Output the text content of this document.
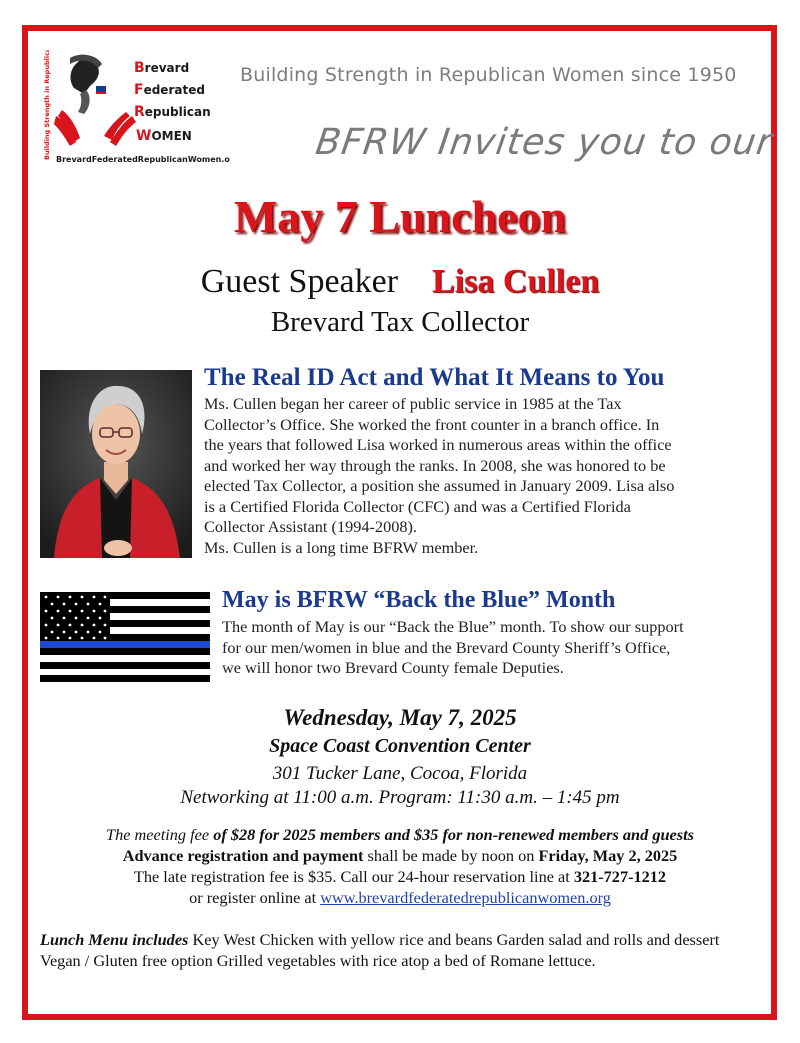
Building Strength in Republican Women	Brevard Federated Republican WOMEN
BrevardFederatedRepublicanWomen.org
Building Strength in Republican Women since 1950
BFRW Invites you to our
May 7 Luncheon
Guest Speaker Lisa Cullen
Brevard Tax Collector
The Real ID Act and What It Means to You
Ms. Cullen began her career of public service in 1985 at the Tax
Collector’s Office. She worked the front counter in a branch office. In
the years that followed Lisa worked in numerous areas within the office
and worked her way through the ranks. In 2008, she was honored to be
elected Tax Collector, a position she assumed in January 2009. Lisa also
is a Certified Florida Collector (CFC) and was a Certified Florida
Collector Assistant (1994-2008).
Ms. Cullen is a long time BFRW member.
May is BFRW “Back the Blue” Month
The month of May is our “Back the Blue” month. To show our support
for our men/women in blue and the Brevard County Sheriff’s Office,
we will honor two Brevard County female Deputies.
Wednesday, May 7, 2025
Space Coast Convention Center
301 Tucker Lane, Cocoa, Florida
Networking at 11:00 a.m. Program: 11:30 a.m. – 1:45 pm
The meeting fee of $28 for 2025 members and $35 for non-renewed members and guests
Advance registration and payment shall be made by noon on Friday, May 2, 2025
The late registration fee is $35. Call our 24-hour reservation line at 321-727-1212
or register online at www.brevardfederatedrepublicanwomen.org
Lunch Menu includes Key West Chicken with yellow rice and beans Garden salad and rolls and dessert Vegan / Gluten free option Grilled vegetables with rice atop a bed of Romane lettuce.
